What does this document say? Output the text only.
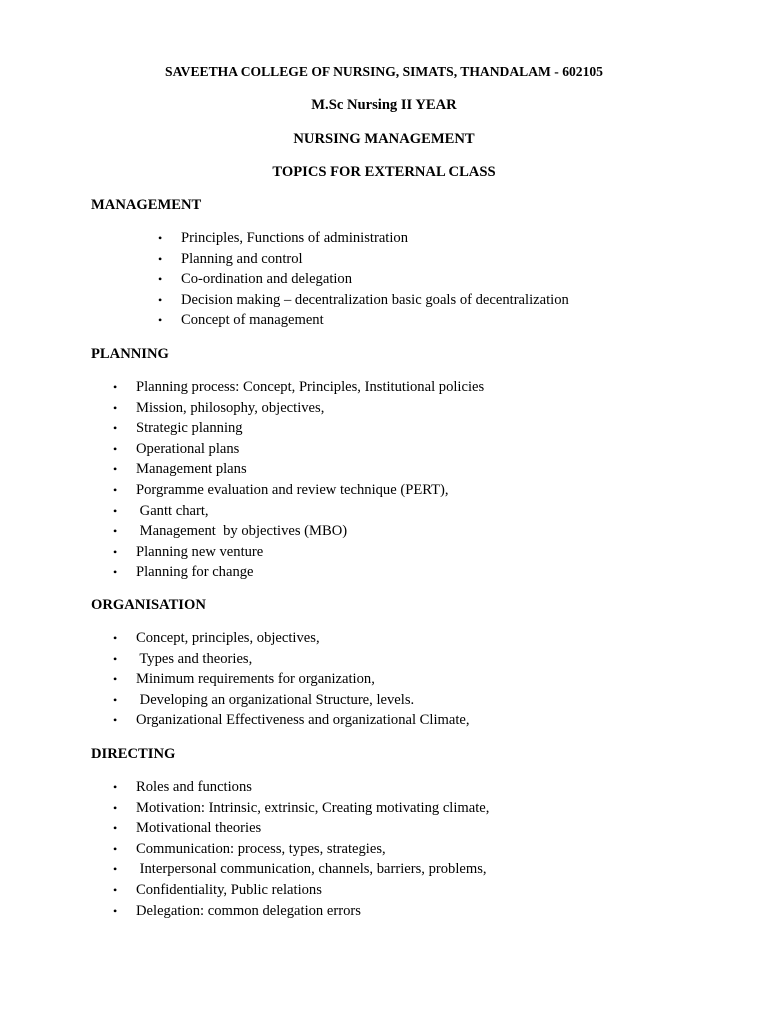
SAVEETHA COLLEGE OF NURSING, SIMATS, THANDALAM - 602105
M.Sc Nursing II YEAR
NURSING MANAGEMENT
TOPICS FOR EXTERNAL CLASS
MANAGEMENT
• Principles, Functions of administration
• Planning and control
• Co-ordination and delegation
• Decision making – decentralization basic goals of decentralization
• Concept of management
PLANNING
• Planning process: Concept, Principles, Institutional policies
• Mission, philosophy, objectives,
• Strategic planning
• Operational plans
• Management plans
• Porgramme evaluation and review technique (PERT),
• Gantt chart,
• Management  by objectives (MBO)
• Planning new venture
• Planning for change
ORGANISATION
• Concept, principles, objectives,
• Types and theories,
• Minimum requirements for organization,
• Developing an organizational Structure, levels.
• Organizational Effectiveness and organizational Climate,
DIRECTING
• Roles and functions
• Motivation: Intrinsic, extrinsic, Creating motivating climate,
• Motivational theories
• Communication: process, types, strategies,
• Interpersonal communication, channels, barriers, problems,
• Confidentiality, Public relations
• Delegation: common delegation errors
